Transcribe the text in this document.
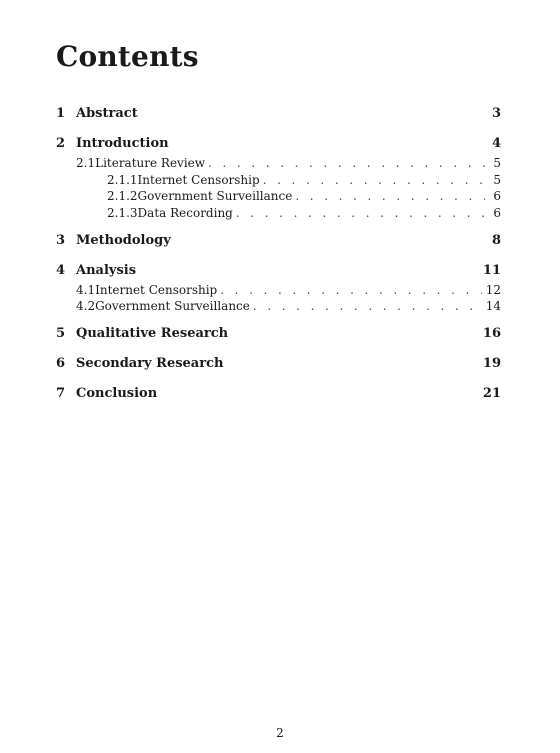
Contents
1 Abstract	3
2 Introduction	4
2.1 Literature Review . . .	5
2.1.1 Internet Censorship . . .	5
2.1.2 Government Surveillance . . .	6
2.1.3 Data Recording . . .	6
3 Methodology	8
4 Analysis	11
4.1 Internet Censorship . . .	12
4.2 Government Surveillance . . .	14
5 Qualitative Research	16
6 Secondary Research	19
7 Conclusion	21
2
